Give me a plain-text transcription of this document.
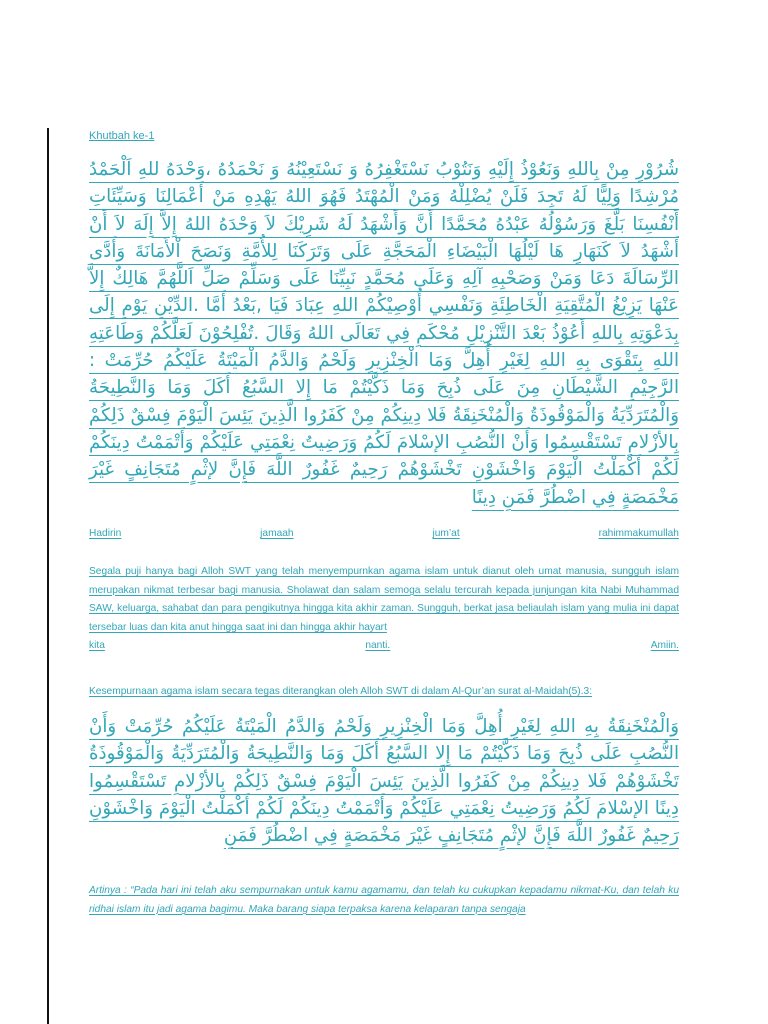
Khutbah ke-1

شُرُوْرِ مِنْ بِاللهِ وَنَعُوْذُ إِلَيْهِ وَنَتُوْبُ نَسْتَغْفِرُهُ وَ نَسْتَعِيْنُهُ وَ نَحْمَدُهُ ،وَحْدَهُ للهِ اَلْحَمْدُ مُرْشِدًا وَلِيًّا لَهُ تَجِدَ فَلَنْ يُضْلِلْهُ وَمَنْ الْمُهْتَدُ فَهُوَ اللهُ يَهْدِهِ مَنْ أَعْمَالِنَا وَسَيِّئَاتِ أَنْفُسِنَا بَلَّغَ وَرَسُوْلُهُ عَبْدُهُ مُحَمَّدًا أَنَّ وَأَشْهَدُ لَهُ شَرِيْكَ لاَ وَحْدَهُ اللهُ إِلاَّ إِلَهَ لاَ أَنْ أَشْهَدُ لاَ كَنَهَارِ هَا لَيْلُهَا الْبَيْضَاءِ الْمَحَجَّةِ عَلَى وَتَرَكَنَا لِلأُمَّةِ وَنَصَحَ اْلأَمَانَةَ وَأَدَّى الرِّسَالَةَ دَعَا وَمَنْ وَصَحْبِهِ آلِهِ وَعَلَى مُحَمَّدٍ نَبِيِّنَا عَلَى وَسَلِّمْ صَلِّ اَللَّهُمَّ هَالِكٌ إِلاَّ عَنْهَا يَزِيْغُ الْمُتَّقِيَةِ الْخَاطِئَةِ وَنَفْسِي أُوْصِيْكُمْ اللهِ عِبَادَ فَيَا ,بَعْدُ أَمَّا .الدِّيْنِ يَوْمِ إِلَى بِدَعْوَتِهِ بِاللهِ أَعُوْذُ بَعْدَ التَّنْزِيْلِ مُحْكَمِ فِي تَعَالَى اللهُ وَقَالَ .تُفْلِحُوْنَ لَعَلَّكُمْ وَطَاعَتِهِ اللهِ بِتَقْوَى بِهِ اللهِ لِغَيْرِ أُهِلَّ وَمَا الْخِنْزِيرِ وَلَحْمُ وَالدَّمُ الْمَيْتَةُ عَلَيْكُمُ حُرِّمَتْ : الرَّجِيْمِ الشَّيْطَانِ مِنَ عَلَى ذُبِحَ وَمَا ذَكَّيْتُمْ مَا إِلا السَّبُعُ أَكَلَ وَمَا وَالنَّطِيحَةُ وَالْمُتَرَدِّيَةُ وَالْمَوْقُوذَةُ وَالْمُنْخَنِقَةُ فَلا دِينِكُمْ مِنْ كَفَرُوا الَّذِينَ يَئِسَ الْيَوْمَ فِسْقٌ ذَلِكُمْ بِالأزْلامِ تَسْتَقْسِمُوا وَأَنْ النُّصُبِ الإسْلامَ لَكُمُ وَرَضِيتُ نِعْمَتِي عَلَيْكُمْ وَأَتْمَمْتُ دِينَكُمْ لَكُمْ أَكْمَلْتُ الْيَوْمَ وَاخْشَوْنِ تَخْشَوْهُمْ رَحِيمٌ غَفُورٌ اللَّهَ فَإِنَّ لإثْمٍ مُتَجَانِفٍ غَيْرَ مَخْمَصَةٍ فِي اضْطُرَّ فَمَنِ دِينًا

Hadirin	jamaah	jum’at	rahimmakumullah

Segala puji hanya bagi Alloh SWT yang telah menyempurnkan agama islam untuk dianut oleh umat manusia, sungguh islam merupakan nikmat terbesar bagi manusia. Sholawat dan salam semoga selalu tercurah kepada junjungan kita Nabi Muhammad SAW, keluarga, sahabat dan para pengikutnya hingga kita akhir zaman. Sungguh, berkat jasa beliaulah islam yang mulia ini dapat tersebar luas dan kita anut hingga saat ini dan hingga akhir hayart

kita	nanti.	Amiin.
Kesempurnaan agama islam secara tegas diterangkan oleh Alloh SWT di dalam Al-Qur’an surat al-Maidah(5).3:

وَالْمُنْخَنِقَةُ بِهِ اللهِ لِغَيْرِ أُهِلَّ وَمَا الْخِنْزِيرِ وَلَحْمُ وَالدَّمُ الْمَيْتَةُ عَلَيْكُمُ حُرِّمَتْ وَأَنْ النُّصُبِ عَلَى ذُبِحَ وَمَا ذَكَّيْتُمْ مَا إِلا السَّبُعُ أَكَلَ وَمَا وَالنَّطِيحَةُ وَالْمُتَرَدِّيَةُ وَالْمَوْقُوذَةُ تَخْشَوْهُمْ فَلا دِينِكُمْ مِنْ كَفَرُوا الَّذِينَ يَئِسَ الْيَوْمَ فِسْقٌ ذَلِكُمْ بِالأزْلامِ تَسْتَقْسِمُوا دِينًا الإسْلامَ لَكُمُ وَرَضِيتُ نِعْمَتِي عَلَيْكُمْ وَأَتْمَمْتُ دِينَكُمْ لَكُمْ أَكْمَلْتُ الْيَوْمَ وَاخْشَوْنِ رَحِيمٌ غَفُورٌ اللَّهَ فَإِنَّ لإثْمٍ مُتَجَانِفٍ غَيْرَ مَخْمَصَةٍ فِي اضْطُرَّ فَمَنِ

Artinya : “Pada hari ini telah aku sempurnakan untuk kamu agamamu, dan telah ku cukupkan kepadamu nikmat-Ku, dan telah ku ridhai islam itu jadi agama bagimu. Maka barang siapa terpaksa karena kelaparan tanpa sengaja
